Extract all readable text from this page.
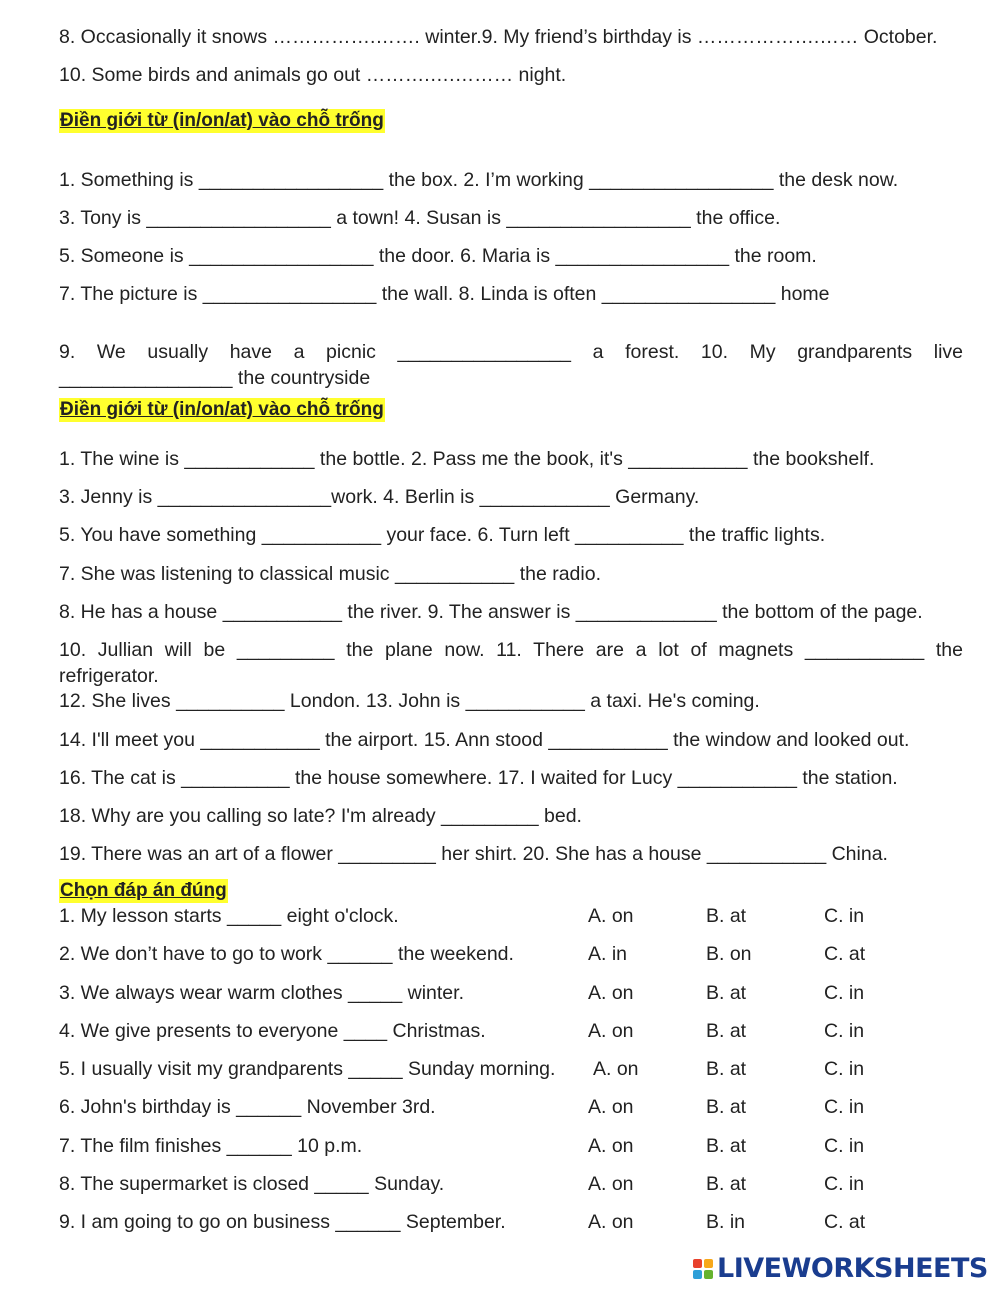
8. Occasionally it snows …………….……. winter.9. My friend’s birthday is ……………….…… October.
10. Some birds and animals go out ……….….……… night.
Điền giới từ (in/on/at) vào chỗ trống
1. Something is _________________ the box. 2. I’m working _________________ the desk now.
3. Tony is _________________ a town! 4. Susan is _________________ the office.
5. Someone is _________________ the door. 6. Maria is ________________ the room.
7. The picture is ________________ the wall. 8. Linda is often ________________ home
9. We usually have a picnic ________________ a forest. 10. My grandparents live
________________ the countryside
Điền giới từ (in/on/at) vào chỗ trống
1. The wine is ____________ the bottle. 2. Pass me the book, it's ___________ the bookshelf.
3. Jenny is ________________work. 4. Berlin is ____________ Germany.
5. You have something ___________ your face. 6. Turn left __________ the traffic lights.
7. She was listening to classical music ___________ the radio.
8. He has a house ___________ the river. 9. The answer is _____________ the bottom of the page.
10. Jullian will be _________ the plane now. 11. There are a lot of magnets ___________ the
refrigerator.
12. She lives __________ London. 13. John is ___________ a taxi. He's coming.
14. I'll meet you ___________ the airport. 15. Ann stood ___________ the window and looked out.
16. The cat is __________ the house somewhere. 17. I waited for Lucy ___________ the station.
18. Why are you calling so late? I'm already _________ bed.
19. There was an art of a flower _________ her shirt. 20. She has a house ___________ China.
Chọn đáp án đúng
1. My lesson starts _____ eight o'clock.	A. on	B. at	C. in
2. We don’t have to go to work ______ the weekend.	A. in	B. on	C. at
3. We always wear warm clothes _____ winter.	A. on	B. at	C. in
4. We give presents to everyone ____ Christmas.	A. on	B. at	C. in
5. I usually visit my grandparents _____ Sunday morning. A. on	B. at	C. in
6. John's birthday is ______ November 3rd.	A. on	B. at	C. in
7. The film finishes ______ 10 p.m.	A. on	B. at	C. in
8. The supermarket is closed _____ Sunday.	A. on	B. at	C. in
9. I am going to go on business ______ September.	A. on	B. in	C. at
LIVEWORKSHEETS
